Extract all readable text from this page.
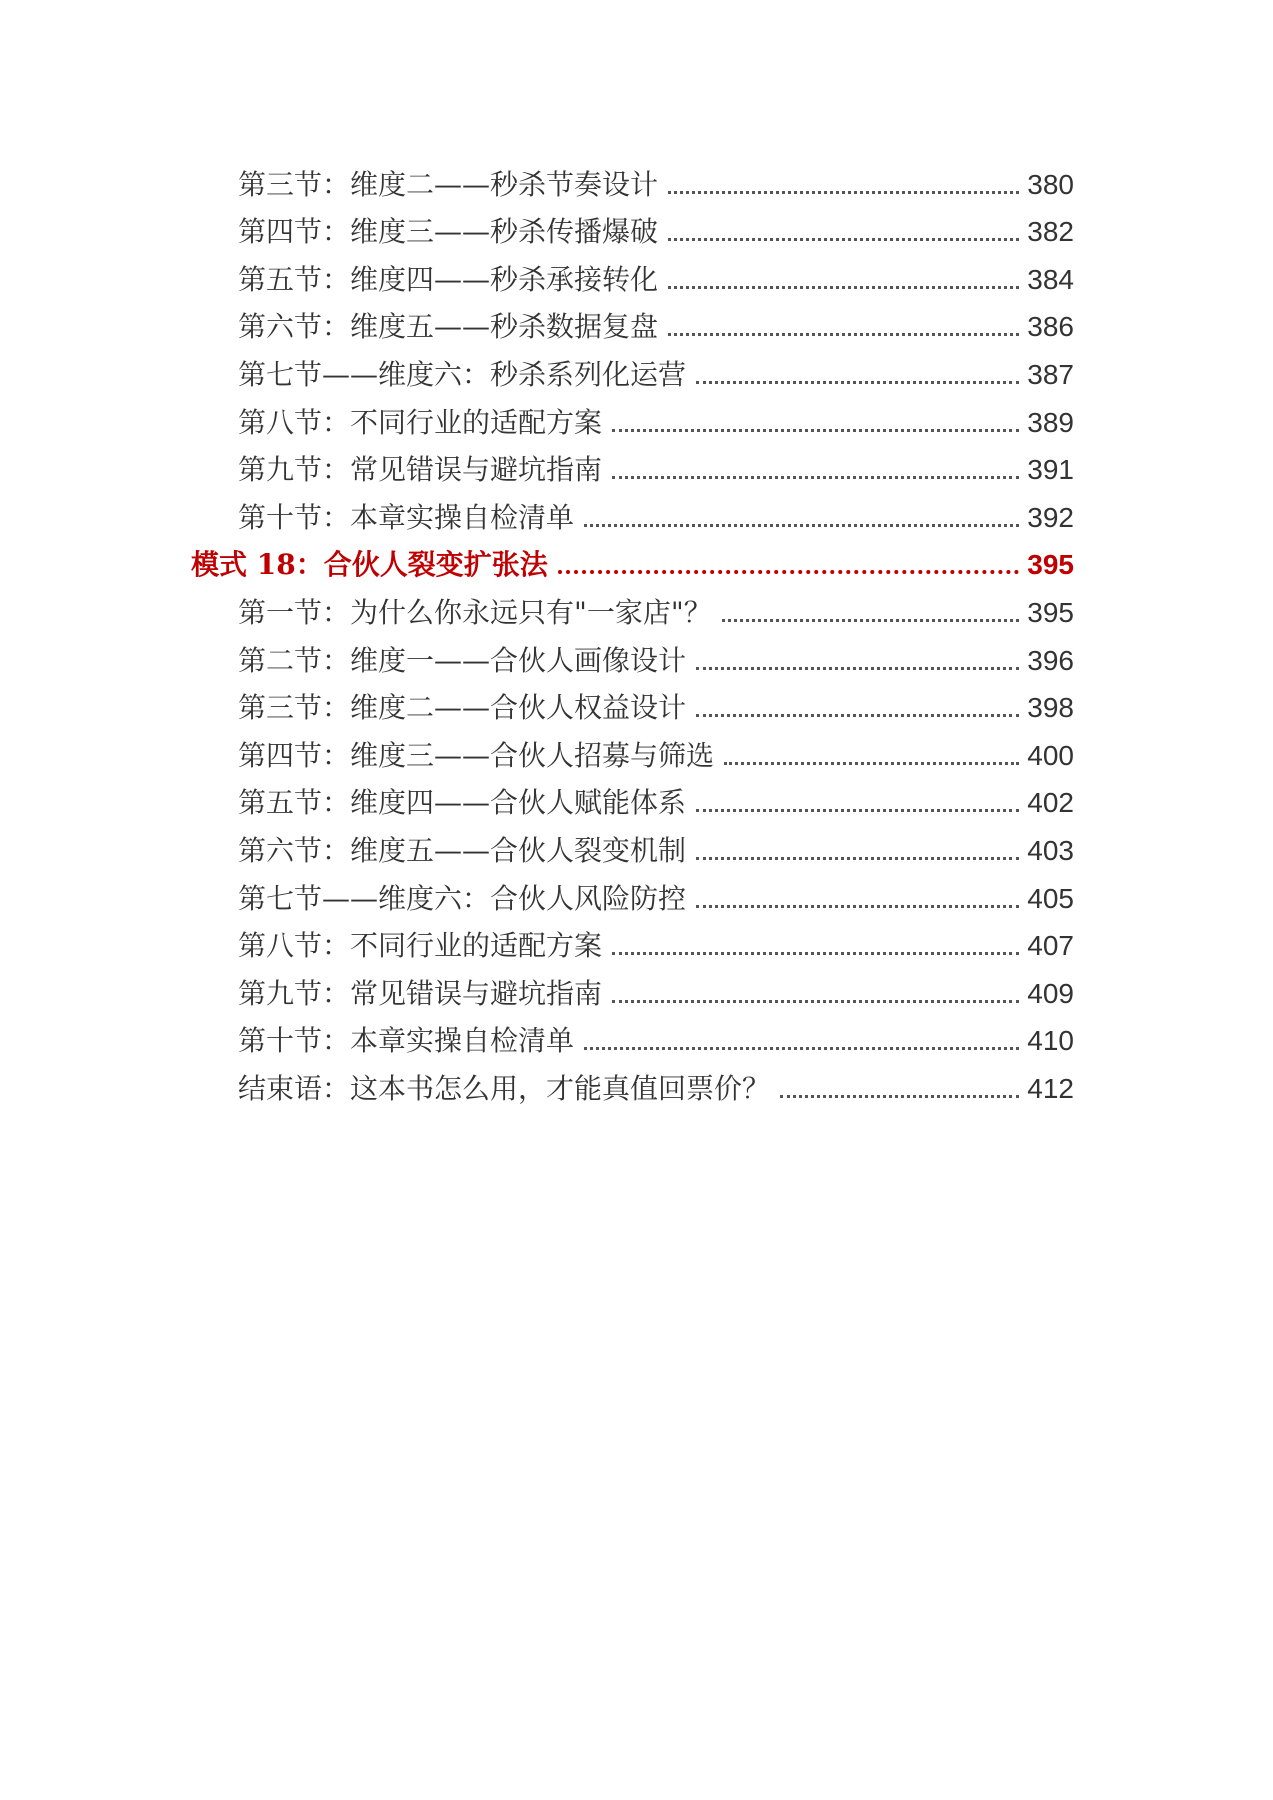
第三节：维度二——秒杀节奏设计	380
第四节：维度三——秒杀传播爆破	382
第五节：维度四——秒杀承接转化	384
第六节：维度五——秒杀数据复盘	386
第七节——维度六：秒杀系列化运营	387
第八节：不同行业的适配方案	389
第九节：常见错误与避坑指南	391
第十节：本章实操自检清单	392
模式 18：合伙人裂变扩张法	395
第一节：为什么你永远只有"一家店"？	395
第二节：维度一——合伙人画像设计	396
第三节：维度二——合伙人权益设计	398
第四节：维度三——合伙人招募与筛选	400
第五节：维度四——合伙人赋能体系	402
第六节：维度五——合伙人裂变机制	403
第七节——维度六：合伙人风险防控	405
第八节：不同行业的适配方案	407
第九节：常见错误与避坑指南	409
第十节：本章实操自检清单	410
结束语：这本书怎么用，才能真值回票价？	412
